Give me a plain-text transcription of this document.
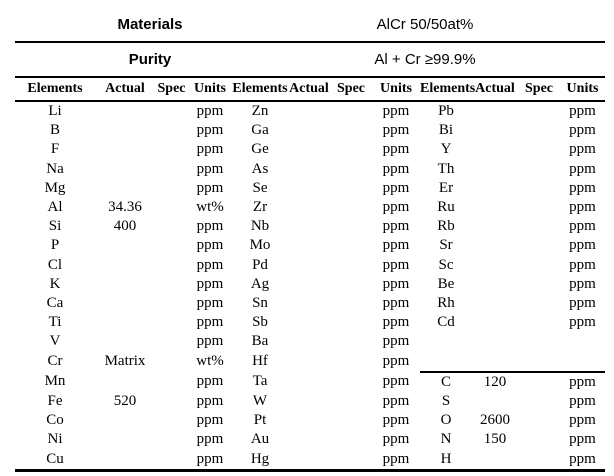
Materials	AlCr 50/50at%
Purity	Al + Cr ≥99.9%
Elements	Actual	Spec	Units	Elements	Actual	Spec	Units	Elements	Actual	Spec	Units
Li			ppm	Zn			ppm	Pb			ppm
B			ppm	Ga			ppm	Bi			ppm
F			ppm	Ge			ppm	Y			ppm
Na			ppm	As			ppm	Th			ppm
Mg			ppm	Se			ppm	Er			ppm
Al	34.36		wt%	Zr			ppm	Ru			ppm
Si	400		ppm	Nb			ppm	Rb			ppm
P			ppm	Mo			ppm	Sr			ppm
Cl			ppm	Pd			ppm	Sc			ppm
K			ppm	Ag			ppm	Be			ppm
Ca			ppm	Sn			ppm	Rh			ppm
Ti			ppm	Sb			ppm	Cd			ppm
V			ppm	Ba			ppm				
Cr	Matrix		wt%	Hf			ppm				
Mn			ppm	Ta			ppm	C	120		ppm
Fe	520		ppm	W			ppm	S			ppm
Co			ppm	Pt			ppm	O	2600		ppm
Ni			ppm	Au			ppm	N	150		ppm
Cu			ppm	Hg			ppm	H			ppm
